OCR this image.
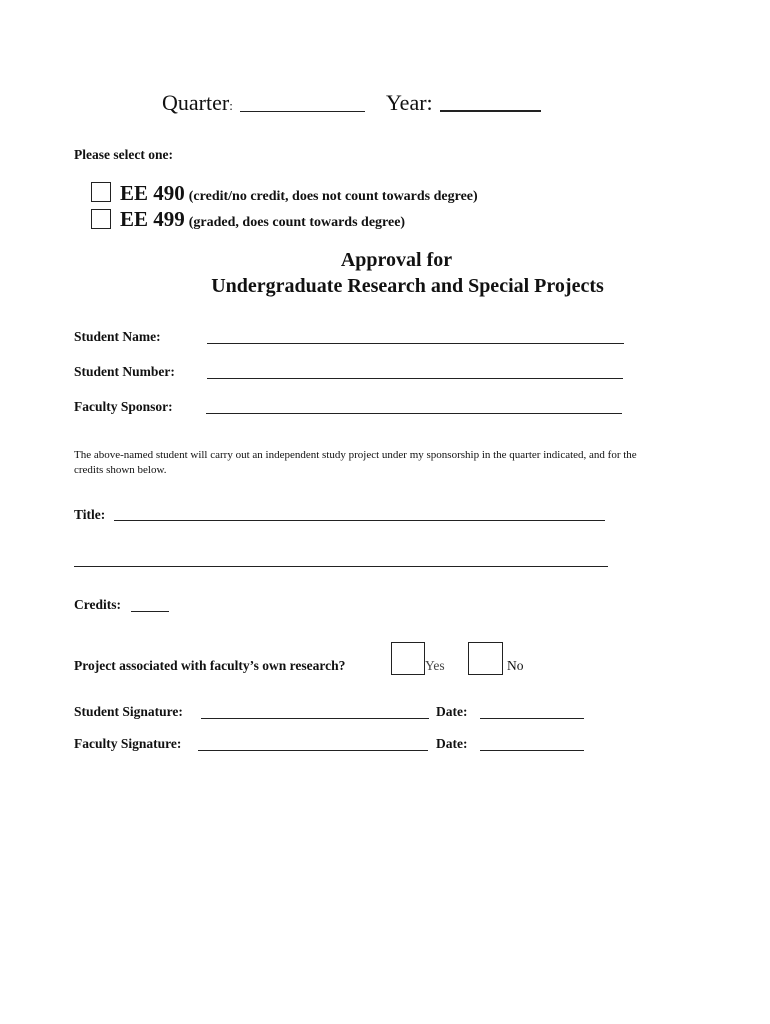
Quarter:	Year:
Please select one:
EE 490 (credit/no credit, does not count towards degree)
EE 499 (graded, does count towards degree)
Approval for
Undergraduate Research and Special Projects
Student Name:
Student Number:
Faculty Sponsor:
The above-named student will carry out an independent study project under my sponsorship in the quarter indicated, and for the
credits shown below.
Title:
Credits:
Project associated with faculty’s own research?	Yes	No
Student Signature:	Date:
Faculty Signature:	Date:
